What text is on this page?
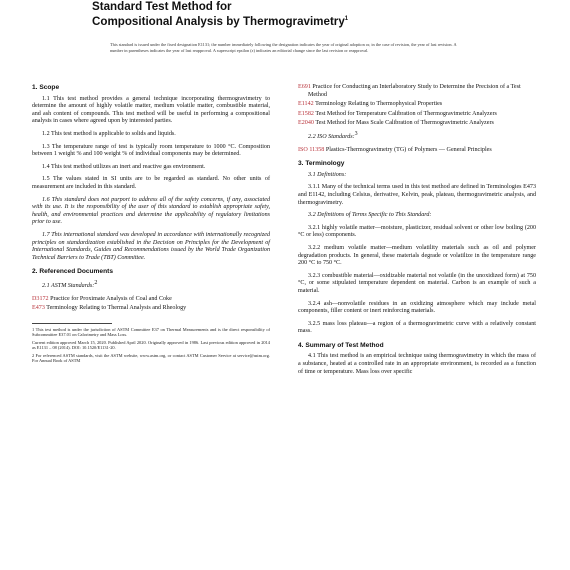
Standard Test Method for
Compositional Analysis by Thermogravimetry$^1$
This standard is issued under the fixed designation E1131; the number immediately following the designation indicates the year of original adoption or, in the case of revision, the year of last revision. A number in parentheses indicates the year of last reapproval. A superscript epsilon (ε) indicates an editorial change since the last revision or reapproval.
1. Scope

1.1 This test method provides a general technique incorporating thermogravimetry to determine the amount of highly volatile matter, medium volatile matter, combustible material, and ash content of compounds. This test method will be useful in performing a compositional analysis in cases where agreed upon by interested parties.

1.2 This test method is applicable to solids and liquids.

1.3 The temperature range of test is typically room temperature to 1000 °C. Composition between 1 weight % and 100 weight % of individual components may be determined.

1.4 This test method utilizes an inert and reactive gas environment.

1.5 The values stated in SI units are to be regarded as standard. No other units of measurement are included in this standard.

1.6 This standard does not purport to address all of the safety concerns, if any, associated with its use. It is the responsibility of the user of this standard to establish appropriate safety, health, and environmental practices and determine the applicability of regulatory limitations prior to use.

1.7 This international standard was developed in accordance with internationally recognized principles on standardization established in the Decision on Principles for the Development of International Standards, Guides and Recommendations issued by the World Trade Organization Technical Barriers to Trade (TBT) Committee.

2. Referenced Documents

2.1 ASTM Standards:2

D3172 Practice for Proximate Analysis of Coal and Coke

E473 Terminology Relating to Thermal Analysis and Rheology

1 This test method is under the jurisdiction of ASTM Committee E37 on Thermal Measurements and is the direct responsibility of Subcommittee E37.01 on Calorimetry and Mass Loss.

Current edition approved March 15, 2020. Published April 2020. Originally approved in 1986. Last previous edition approved in 2014 as E1131 – 08 (2014). DOI: 10.1520/E1131-20.

2 For referenced ASTM standards, visit the ASTM website, www.astm.org, or contact ASTM Customer Service at service@astm.org. For Annual Book of ASTM

E691 Practice for Conducting an Interlaboratory Study to Determine the Precision of a Test Method

E1142 Terminology Relating to Thermophysical Properties

E1582 Test Method for Temperature Calibration of Thermogravimetric Analyzers

E2040 Test Method for Mass Scale Calibration of Thermogravimetric Analyzers

2.2 ISO Standards:3

ISO 11358 Plastics-Thermogravimetry (TG) of Polymers — General Principles

3. Terminology

3.1 Definitions:

3.1.1 Many of the technical terms used in this test method are defined in Terminologies E473 and E1142, including Celsius, derivative, Kelvin, peak, plateau, thermogravimetric analysis, and thermogravimetry.

3.2 Definitions of Terms Specific to This Standard:

3.2.1 highly volatile matter—moisture, plasticizer, residual solvent or other low boiling (200 °C or less) components.

3.2.2 medium volatile matter—medium volatility materials such as oil and polymer degradation products. In general, these materials degrade or volatilize in the temperature range 200 °C to 750 °C.

3.2.3 combustible material—oxidizable material not volatile (in the unoxidized form) at 750 °C, or some stipulated temperature dependent on material. Carbon is an example of such a material.

3.2.4 ash—nonvolatile residues in an oxidizing atmosphere which may include metal components, filler content or inert reinforcing materials.

3.2.5 mass loss plateau—a region of a thermogravimetric curve with a relatively constant mass.

4. Summary of Test Method

4.1 This test method is an empirical technique using thermogravimetry in which the mass of a substance, heated at a controlled rate in an appropriate environment, is recorded as a function of time or temperature. Mass loss over specific
